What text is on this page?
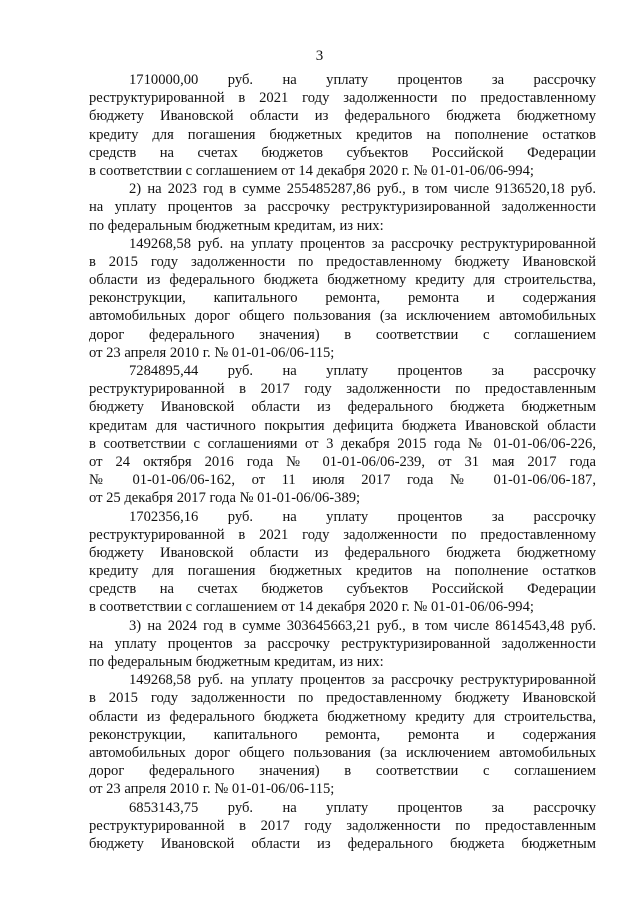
3
1710000,00 руб. на уплату процентов за рассрочку
реструктурированной в 2021 году задолженности по предоставленному
бюджету Ивановской области из федерального бюджета бюджетному
кредиту для погашения бюджетных кредитов на пополнение остатков
средств на счетах бюджетов субъектов Российской Федерации
в соответствии с соглашением от 14 декабря 2020 г. № 01-01-06/06-994;
2) на 2023 год в сумме 255485287,86 руб., в том числе 9136520,18 руб.
на уплату процентов за рассрочку реструктуризированной задолженности
по федеральным бюджетным кредитам, из них:
149268,58 руб. на уплату процентов за рассрочку реструктурированной
в 2015 году задолженности по предоставленному бюджету Ивановской
области из федерального бюджета бюджетному кредиту для строительства,
реконструкции, капитального ремонта, ремонта и содержания
автомобильных дорог общего пользования (за исключением автомобильных
дорог федерального значения) в соответствии с соглашением
от 23 апреля 2010 г. № 01-01-06/06-115;
7284895,44 руб. на уплату процентов за рассрочку
реструктурированной в 2017 году задолженности по предоставленным
бюджету Ивановской области из федерального бюджета бюджетным
кредитам для частичного покрытия дефицита бюджета Ивановской области
в соответствии с соглашениями от 3 декабря 2015 года № 01-01-06/06-226,
от 24 октября 2016 года № 01-01-06/06-239, от 31 мая 2017 года
№ 01-01-06/06-162, от 11 июля 2017 года № 01-01-06/06-187,
от 25 декабря 2017 года № 01-01-06/06-389;
1702356,16 руб. на уплату процентов за рассрочку
реструктурированной в 2021 году задолженности по предоставленному
бюджету Ивановской области из федерального бюджета бюджетному
кредиту для погашения бюджетных кредитов на пополнение остатков
средств на счетах бюджетов субъектов Российской Федерации
в соответствии с соглашением от 14 декабря 2020 г. № 01-01-06/06-994;
3) на 2024 год в сумме 303645663,21 руб., в том числе 8614543,48 руб.
на уплату процентов за рассрочку реструктуризированной задолженности
по федеральным бюджетным кредитам, из них:
149268,58 руб. на уплату процентов за рассрочку реструктурированной
в 2015 году задолженности по предоставленному бюджету Ивановской
области из федерального бюджета бюджетному кредиту для строительства,
реконструкции, капитального ремонта, ремонта и содержания
автомобильных дорог общего пользования (за исключением автомобильных
дорог федерального значения) в соответствии с соглашением
от 23 апреля 2010 г. № 01-01-06/06-115;
6853143,75 руб. на уплату процентов за рассрочку
реструктурированной в 2017 году задолженности по предоставленным
бюджету Ивановской области из федерального бюджета бюджетным
